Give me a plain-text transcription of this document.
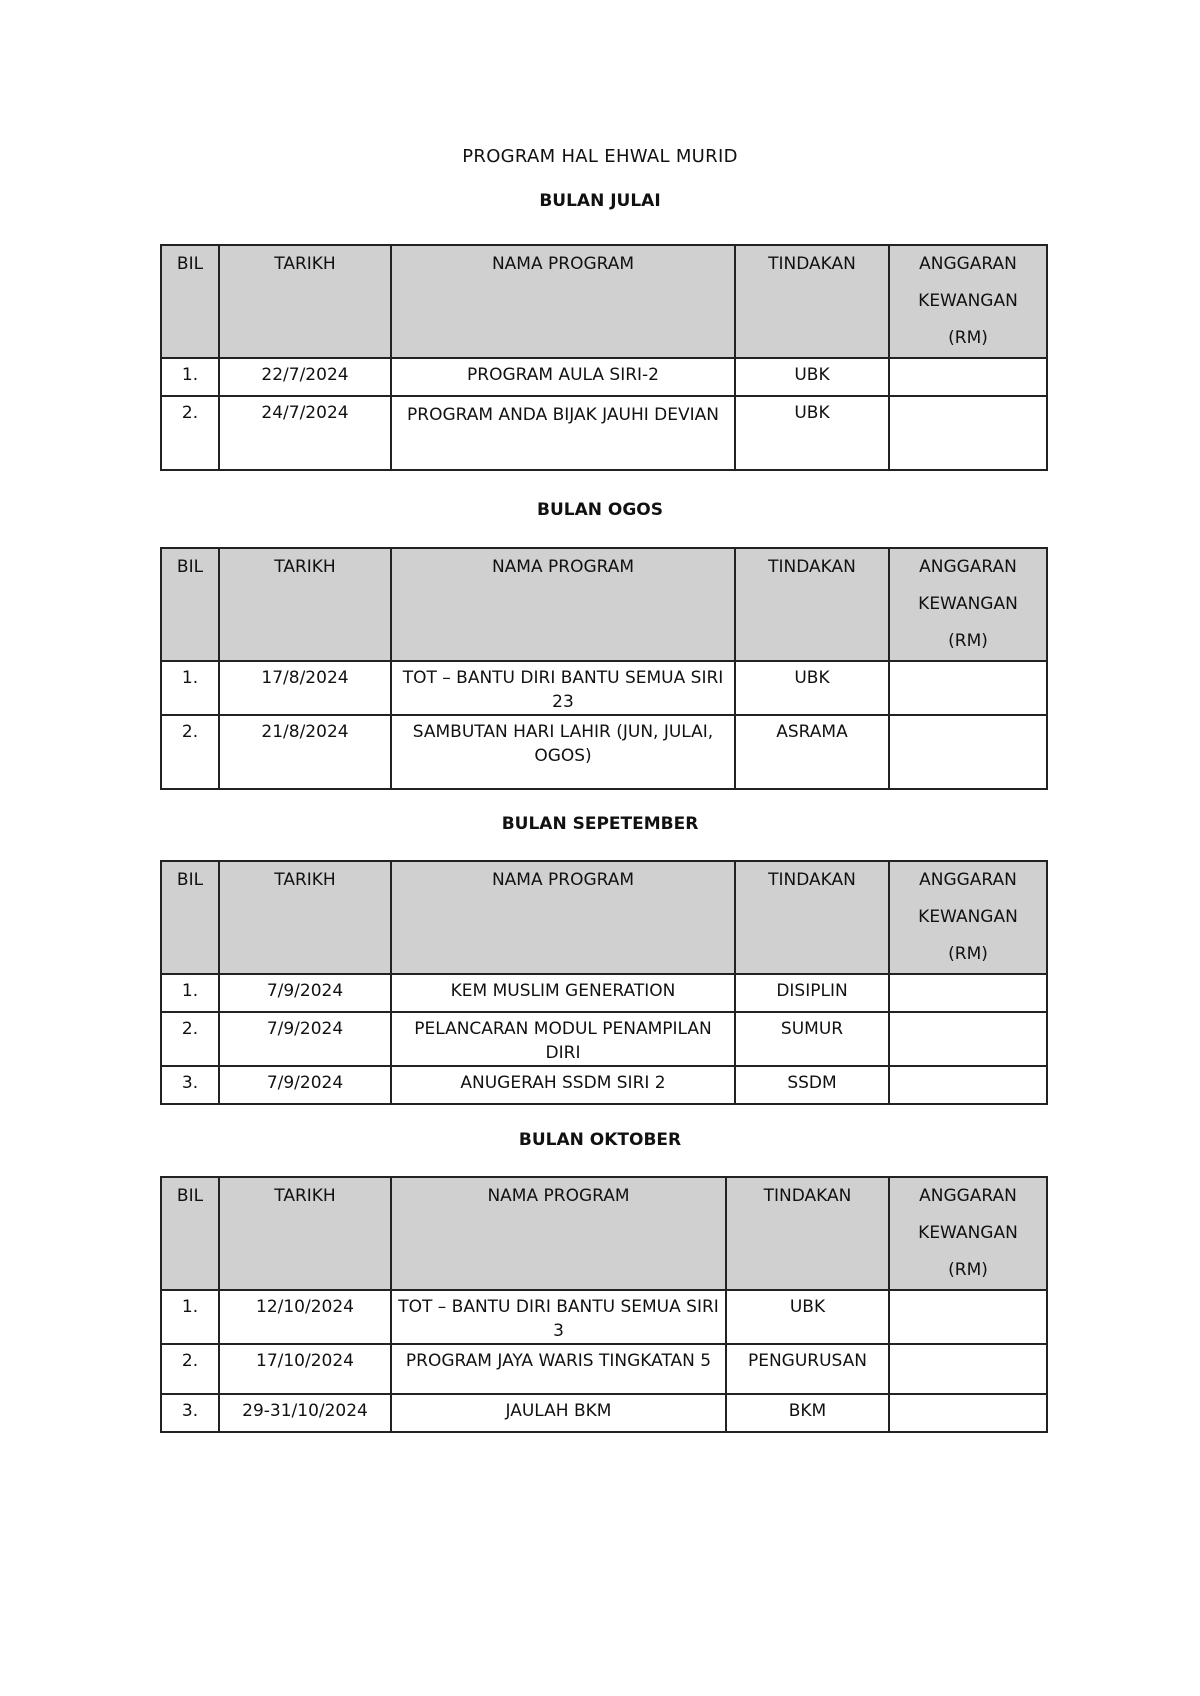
PROGRAM HAL EHWAL MURID
BULAN JULAI
BIL	TARIKH	NAMA PROGRAM	TINDAKAN	ANGGARAN KEWANGAN (RM)
1.	22/7/2024	PROGRAM AULA SIRI-2	UBK	
2.	24/7/2024	PROGRAM ANDA BIJAK JAUHI DEVIAN	UBK	
BULAN OGOS
BIL	TARIKH	NAMA PROGRAM	TINDAKAN	ANGGARAN KEWANGAN (RM)
1.	17/8/2024	TOT – BANTU DIRI BANTU SEMUA SIRI 23	UBK	
2.	21/8/2024	SAMBUTAN HARI LAHIR (JUN, JULAI, OGOS)	ASRAMA	
BULAN SEPETEMBER
BIL	TARIKH	NAMA PROGRAM	TINDAKAN	ANGGARAN KEWANGAN (RM)
1.	7/9/2024	KEM MUSLIM GENERATION	DISIPLIN	
2.	7/9/2024	PELANCARAN MODUL PENAMPILAN DIRI	SUMUR	
3.	7/9/2024	ANUGERAH SSDM SIRI 2	SSDM	
BULAN OKTOBER
BIL	TARIKH	NAMA PROGRAM	TINDAKAN	ANGGARAN KEWANGAN (RM)
1.	12/10/2024	TOT – BANTU DIRI BANTU SEMUA SIRI 3	UBK	
2.	17/10/2024	PROGRAM JAYA WARIS TINGKATAN 5	PENGURUSAN	
3.	29-31/10/2024	JAULAH BKM	BKM	
